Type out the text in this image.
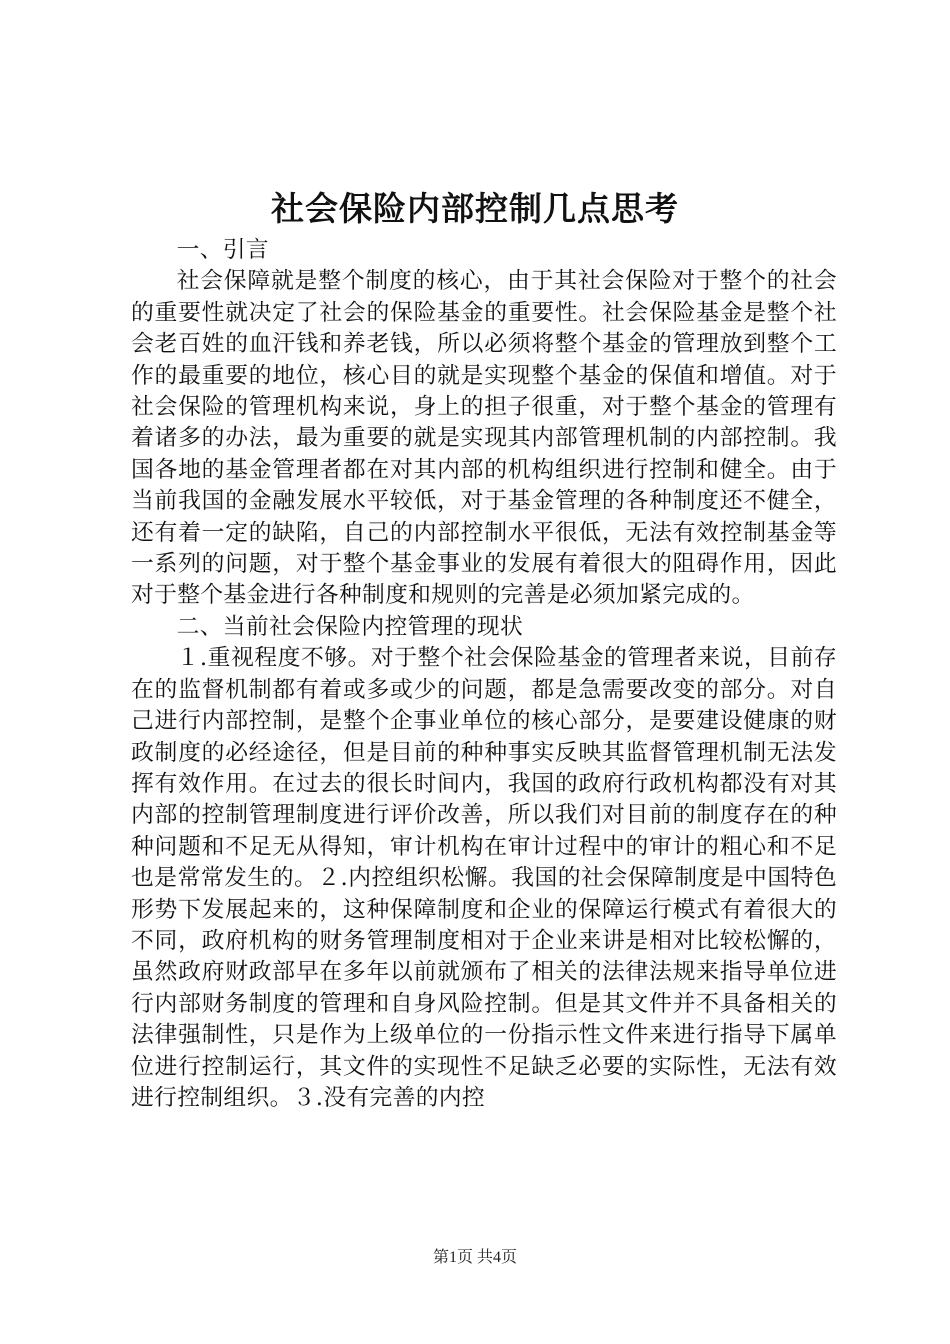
社会保险内部控制几点思考

一、引言

社会保障就是整个制度的核心，由于其社会保险对于整个的社会的重要性就决定了社会的保险基金的重要性。社会保险基金是整个社会老百姓的血汗钱和养老钱，所以必须将整个基金的管理放到整个工作的最重要的地位，核心目的就是实现整个基金的保值和增值。对于社会保险的管理机构来说，身上的担子很重，对于整个基金的管理有着诸多的办法，最为重要的就是实现其内部管理机制的内部控制。我国各地的基金管理者都在对其内部的机构组织进行控制和健全。由于当前我国的金融发展水平较低，对于基金管理的各种制度还不健全，还有着一定的缺陷，自己的内部控制水平很低，无法有效控制基金等一系列的问题，对于整个基金事业的发展有着很大的阻碍作用，因此对于整个基金进行各种制度和规则的完善是必须加紧完成的。

二、当前社会保险内控管理的现状

１.重视程度不够。对于整个社会保险基金的管理者来说，目前存在的监督机制都有着或多或少的问题，都是急需要改变的部分。对自己进行内部控制，是整个企事业单位的核心部分，是要建设健康的财政制度的必经途径，但是目前的种种事实反映其监督管理机制无法发挥有效作用。在过去的很长时间内，我国的政府行政机构都没有对其内部的控制管理制度进行评价改善，所以我们对目前的制度存在的种种问题和不足无从得知，审计机构在审计过程中的审计的粗心和不足也是常常发生的。２.内控组织松懈。我国的社会保障制度是中国特色形势下发展起来的，这种保障制度和企业的保障运行模式有着很大的不同，政府机构的财务管理制度相对于企业来讲是相对比较松懈的，虽然政府财政部早在多年以前就颁布了相关的法律法规来指导单位进行内部财务制度的管理和自身风险控制。但是其文件并不具备相关的法律强制性，只是作为上级单位的一份指示性文件来进行指导下属单位进行控制运行，其文件的实现性不足缺乏必要的实际性，无法有效进行控制组织。３.没有完善的内控

第1页 共4页
